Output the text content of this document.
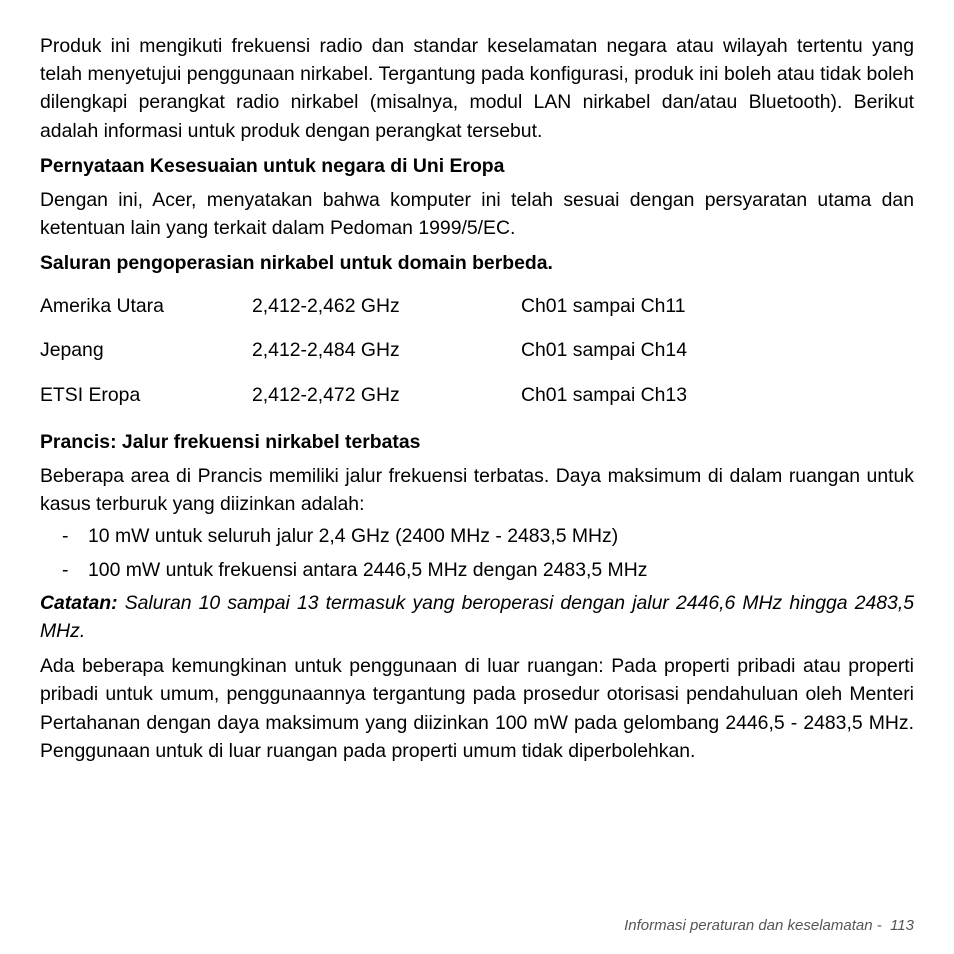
Produk ini mengikuti frekuensi radio dan standar keselamatan negara atau wilayah tertentu yang telah menyetujui penggunaan nirkabel. Tergantung pada konfigurasi, produk ini boleh atau tidak boleh dilengkapi perangkat radio nirkabel (misalnya, modul LAN nirkabel dan/atau Bluetooth). Berikut adalah informasi untuk produk dengan perangkat tersebut.

Pernyataan Kesesuaian untuk negara di Uni Eropa

Dengan ini, Acer, menyatakan bahwa komputer ini telah sesuai dengan persyaratan utama dan ketentuan lain yang terkait dalam Pedoman 1999/5/EC.

Saluran pengoperasian nirkabel untuk domain berbeda.

Amerika Utara	2,412-2,462 GHz	Ch01 sampai Ch11
Jepang	2,412-2,484 GHz	Ch01 sampai Ch14
ETSI Eropa	2,412-2,472 GHz	Ch01 sampai Ch13

Prancis: Jalur frekuensi nirkabel terbatas

Beberapa area di Prancis memiliki jalur frekuensi terbatas. Daya maksimum di dalam ruangan untuk kasus terburuk yang diizinkan adalah:

- 10 mW untuk seluruh jalur 2,4 GHz (2400 MHz - 2483,5 MHz)
- 100 mW untuk frekuensi antara 2446,5 MHz dengan 2483,5 MHz

Catatan: Saluran 10 sampai 13 termasuk yang beroperasi dengan jalur 2446,6 MHz hingga 2483,5 MHz.

Ada beberapa kemungkinan untuk penggunaan di luar ruangan: Pada properti pribadi atau properti pribadi untuk umum, penggunaannya tergantung pada prosedur otorisasi pendahuluan oleh Menteri Pertahanan dengan daya maksimum yang diizinkan 100 mW pada gelombang 2446,5 - 2483,5 MHz. Penggunaan untuk di luar ruangan pada properti umum tidak diperbolehkan.

Informasi peraturan dan keselamatan -  113
